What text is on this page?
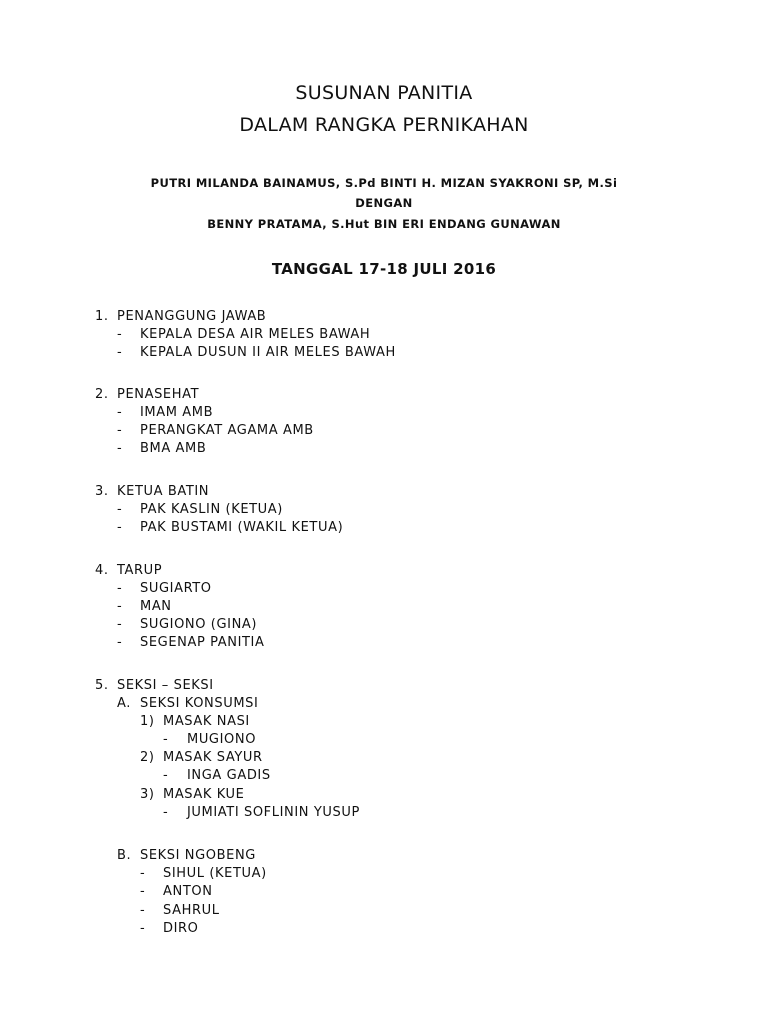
SUSUNAN PANITIA
DALAM RANGKA PERNIKAHAN
PUTRI MILANDA BAINAMUS, S.Pd BINTI H. MIZAN SYAKRONI SP, M.Si
DENGAN
BENNY PRATAMA, S.Hut BIN ERI ENDANG GUNAWAN
TANGGAL 17-18 JULI 2016
1. PENANGGUNG JAWAB
- KEPALA DESA AIR MELES BAWAH
- KEPALA DUSUN II AIR MELES BAWAH
2. PENASEHAT
- IMAM AMB
- PERANGKAT AGAMA AMB
- BMA AMB
3. KETUA BATIN
- PAK KASLIN (KETUA)
- PAK BUSTAMI (WAKIL KETUA)
4. TARUP
- SUGIARTO
- MAN
- SUGIONO (GINA)
- SEGENAP PANITIA
5. SEKSI – SEKSI
A. SEKSI KONSUMSI
1) MASAK NASI
- MUGIONO
2) MASAK SAYUR
- INGA GADIS
3) MASAK KUE
- JUMIATI SOFLININ YUSUP
B. SEKSI NGOBENG
- SIHUL (KETUA)
- ANTON
- SAHRUL
- DIRO
